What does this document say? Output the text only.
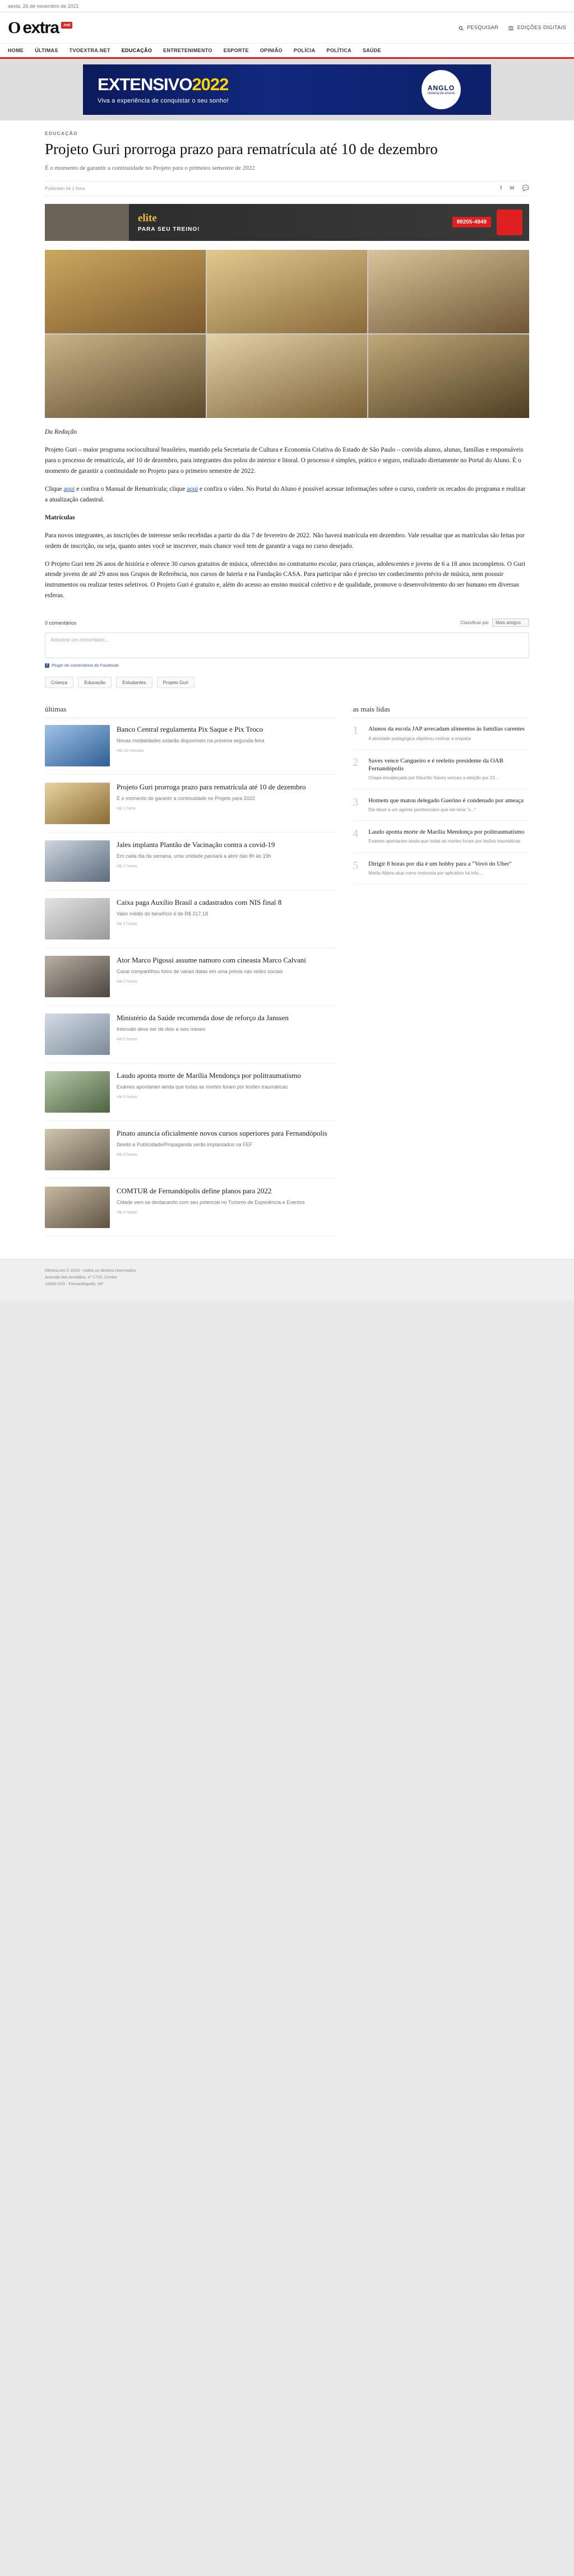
sexta, 26 de novembro de 2021
O extra .net
PESQUISAR	EDIÇÕES DIGITAIS
HOME ÚLTIMAS TVOEXTRA.NET EDUCAÇÃO ENTRETENIMENTO ESPORTE OPINIÃO POLÍCIA POLÍTICA SAÚDE
EXTENSIVO2022
Viva a experiência de conquistar o seu sonho!
ANGLO
sistema de ensino
EDUCAÇÃO
Projeto Guri prorroga prazo para rematrícula até 10 de dezembro
É o momento de garantir a continuidade no Projeto para o primeiro semestre de 2022
Publicado há 1 hora	f ✉ 💬
elite
PARA SEU TREINO!
99205-4949

Da Redação

Projeto Guri – maior programa sociocultural brasileiro, mantido pela Secretaria de Cultura e Economia Criativa do Estado de São Paulo – convida alunos, alunas, famílias e responsáveis para o processo de rematrícula, até 10 de dezembro, para integrantes dos polos do interior e litoral. O processo é simples, prático e seguro, realizado diretamente no Portal do Aluno. É o momento de garantir a continuidade no Projeto para o primeiro semestre de 2022.

Clique aqui e confira o Manual de Rematrícula; clique aqui e confira o vídeo. No Portal do Aluno é possível acessar informações sobre o curso, conferir os recados do programa e realizar a atualização cadastral.

Matrículas

Para novos integrantes, as inscrições de interesse serão recebidas a partir do dia 7 de fevereiro de 2022. Não haverá matrícula em dezembro. Vale ressaltar que as matrículas são feitas por ordem de inscrição, ou seja, quanto antes você se inscrever, mais chance você tem de garantir a vaga no curso desejado.

O Projeto Guri tem 26 anos de história e oferece 30 cursos gratuitos de música, oferecidos no contraturno escolar, para crianças, adolescentes e jovens de 6 a 18 anos incompletos. O Guri atende jovens de até 29 anos nos Grupos de Referência, nos cursos de luteria e na Fundação CASA. Para participar não é preciso ter conhecimento prévio de música, nem possuir instrumentos ou realizar testes seletivos. O Projeto Guri é gratuito e, além do acesso ao ensino musical coletivo e de qualidade, promove o desenvolvimento do ser humano em diversas esferas.

0 comentários	Classificar por	Mais antigos
Adicione um comentário...
f Plugin de comentários do Facebook
Criança	Educação	Estudantes	Projeto Guri
últimas
Banco Central regulamenta Pix Saque e Pix Troco
Novas modalidades estarão disponíveis na próxima segunda-feira
Há 16 minutos
Projeto Guri prorroga prazo para rematrícula até 10 de dezembro
É o momento de garantir a continuidade no Projeto para 2022
Há 1 hora
Jales implanta Plantão de Vacinação contra a covid-19
Em cada dia da semana, uma unidade passará a abrir das 8h às 19h
Há 2 horas
Caixa paga Auxílio Brasil a cadastrados com NIS final 8
Valor médio do benefício é de R$ 217,18
Há 2 horas
Ator Marco Pigossi assume namoro com cineasta Marco Calvani
Casal compartilhou fotos de várias datas em uma prévia nas redes sociais
Há 2 horas
Ministério da Saúde recomenda dose de reforço da Janssen
Intervalo deve ser de dois a seis meses
Há 2 horas
Laudo aponta morte de Marília Mendonça por politraumatismo
Exames apontaram ainda que todas as mortes foram por lesões traumáticas
Há 3 horas
Pinato anuncia oficialmente novos cursos superiores para Fernandópolis
Direito e Publicidade/Propaganda serão implantados na FEF
Há 3 horas
COMTUR de Fernandópolis define planos para 2022
Cidade vem se destacando com seu potencial no Turismo de Experiência e Eventos
Há 3 horas
as mais lidas
1	Alunos da escola JAP arrecadam alimentos às famílias carentes
A atividade pedagógica objetivou motivar a empatia
2	Saves vence Cangueiro e é reeleito presidente da OAB Fernandópolis
Chapa encabeçada por Maurílio Saves venceu a eleição por 22...
3	Homem que matou delegado Guerino é condenado por ameaça
Ele disse a um agente penitenciário que ele teria "o..."
4	Laudo aponta morte de Marília Mendonça por politraumatismo
Exames apontaram ainda que todas as mortes foram por lesões traumáticas
5	Dirigir 8 horas por dia é um hobby para a "Vovó do Uber"
Marila Albina atua como motorista por aplicativo há três...
OExtra.net © 2019 - todos os direitos reservados
Avenida dos Arnaldos, nº 1720, Centro
15600-029 - Fernandópolis, SP
